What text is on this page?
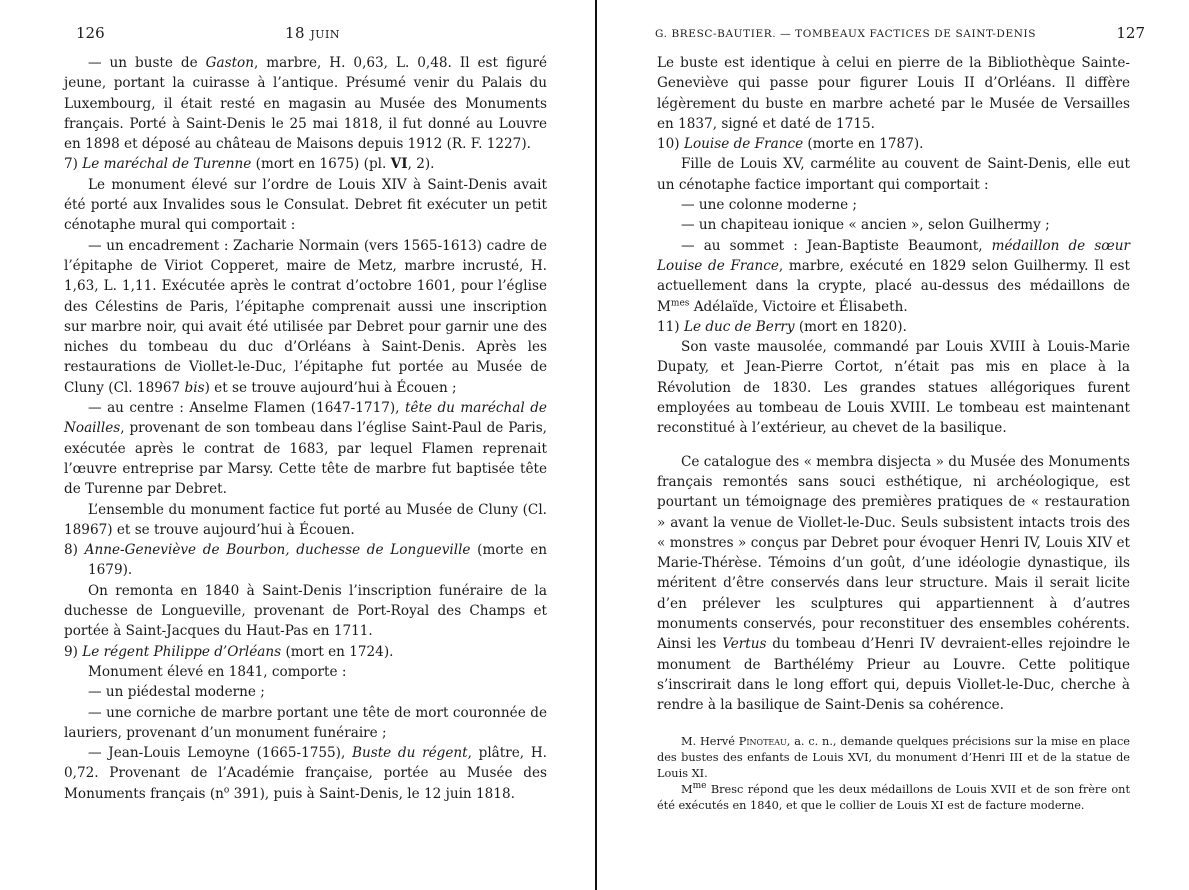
126	18 juin

— un buste de Gaston, marbre, H. 0,63, L. 0,48. Il est figuré jeune, portant la cuirasse à l’antique. Présumé venir du Palais du Luxembourg, il était resté en magasin au Musée des Monuments français. Porté à Saint-Denis le 25 mai 1818, il fut donné au Louvre en 1898 et déposé au château de Maisons depuis 1912 (R. F. 1227).

7) Le maréchal de Turenne (mort en 1675) (pl. VI, 2).

Le monument élevé sur l’ordre de Louis XIV à Saint-Denis avait été porté aux Invalides sous le Consulat. Debret fit exécuter un petit cénotaphe mural qui comportait :

— un encadrement : Zacharie Normain (vers 1565-1613) cadre de l’épitaphe de Viriot Copperet, maire de Metz, marbre incrusté, H. 1,63, L. 1,11. Exécutée après le contrat d’octobre 1601, pour l’église des Célestins de Paris, l’épitaphe comprenait aussi une inscription sur marbre noir, qui avait été utilisée par Debret pour garnir une des niches du tombeau du duc d’Orléans à Saint-Denis. Après les restaurations de Viollet-le-Duc, l’épitaphe fut portée au Musée de Cluny (Cl. 18967 bis) et se trouve aujourd’hui à Écouen ;

— au centre : Anselme Flamen (1647-1717), tête du maréchal de Noailles, provenant de son tombeau dans l’église Saint-Paul de Paris, exécutée après le contrat de 1683, par lequel Flamen reprenait l’œuvre entreprise par Marsy. Cette tête de marbre fut baptisée tête de Turenne par Debret.

L’ensemble du monument factice fut porté au Musée de Cluny (Cl. 18967) et se trouve aujourd’hui à Écouen.

8) Anne-Geneviève de Bourbon, duchesse de Longueville (morte en 1679).

On remonta en 1840 à Saint-Denis l’inscription funéraire de la duchesse de Longueville, provenant de Port-Royal des Champs et portée à Saint-Jacques du Haut-Pas en 1711.

9) Le régent Philippe d’Orléans (mort en 1724).

Monument élevé en 1841, comporte :

— un piédestal moderne ;

— une corniche de marbre portant une tête de mort couronnée de lauriers, provenant d’un monument funéraire ;

— Jean-Louis Lemoyne (1665-1755), Buste du régent, plâtre, H. 0,72. Provenant de l’Académie française, portée au Musée des Monuments français ($n^o$ 391), puis à Saint-Denis, le 12 juin 1818.

G. BRESC-BAUTIER. — TOMBEAUX FACTICES DE SAINT-DENIS	127

Le buste est identique à celui en pierre de la Bibliothèque Sainte-Geneviève qui passe pour figurer Louis II d’Orléans. Il diffère légèrement du buste en marbre acheté par le Musée de Versailles en 1837, signé et daté de 1715.

10) Louise de France (morte en 1787).

Fille de Louis XV, carmélite au couvent de Saint-Denis, elle eut un cénotaphe factice important qui comportait :

— une colonne moderne ;

— un chapiteau ionique « ancien », selon Guilhermy ;

— au sommet : Jean-Baptiste Beaumont, médaillon de sœur Louise de France, marbre, exécuté en 1829 selon Guilhermy. Il est actuellement dans la crypte, placé au-dessus des médaillons de $M^{mes}$ Adélaïde, Victoire et Élisabeth.

11) Le duc de Berry (mort en 1820).

Son vaste mausolée, commandé par Louis XVIII à Louis-Marie Dupaty, et Jean-Pierre Cortot, n’était pas mis en place à la Révolution de 1830. Les grandes statues allégoriques furent employées au tombeau de Louis XVIII. Le tombeau est maintenant reconstitué à l’extérieur, au chevet de la basilique.

Ce catalogue des « membra disjecta » du Musée des Monuments français remontés sans souci esthétique, ni archéologique, est pourtant un témoignage des premières pratiques de « restauration » avant la venue de Viollet-le-Duc. Seuls subsistent intacts trois des « monstres » conçus par Debret pour évoquer Henri IV, Louis XIV et Marie-Thérèse. Témoins d’un goût, d’une idéologie dynastique, ils méritent d’être conservés dans leur structure. Mais il serait licite d’en prélever les sculptures qui appartiennent à d’autres monuments conservés, pour reconstituer des ensembles cohérents. Ainsi les Vertus du tombeau d’Henri IV devraient-elles rejoindre le monument de Barthélémy Prieur au Louvre. Cette politique s’inscrirait dans le long effort qui, depuis Viollet-le-Duc, cherche à rendre à la basilique de Saint-Denis sa cohérence.

M. Hervé Pinoteau, a. c. n., demande quelques précisions sur la mise en place des bustes des enfants de Louis XVI, du monument d’Henri III et de la statue de Louis XI.

$M^{me}$ Bresc répond que les deux médaillons de Louis XVII et de son frère ont été exécutés en 1840, et que le collier de Louis XI est de facture moderne.
